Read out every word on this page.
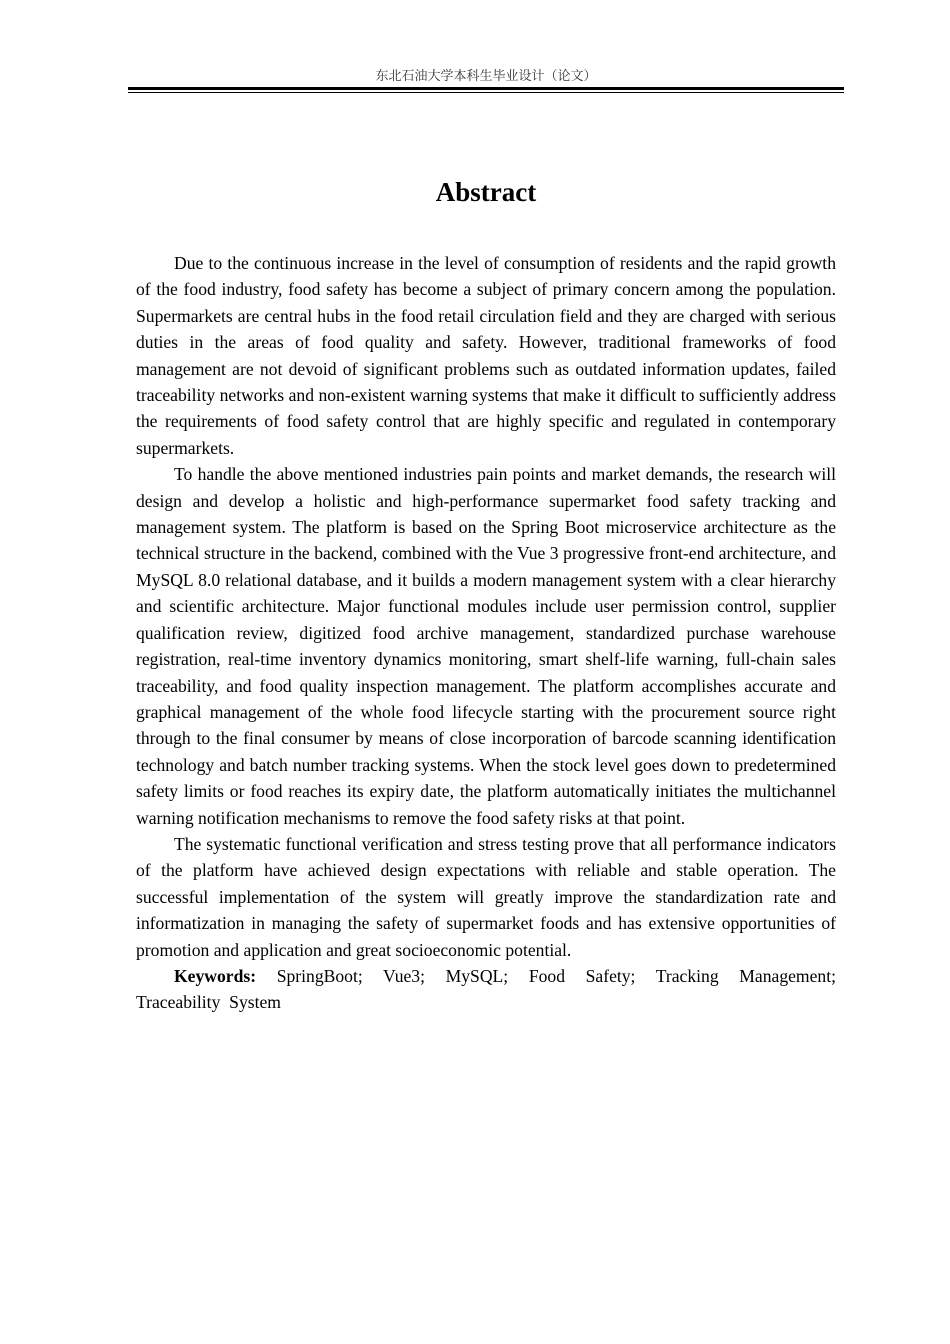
东北石油大学本科生毕业设计（论文）
Abstract

Due to the continuous increase in the level of consumption of residents and the rapid growth of the food industry, food safety has become a subject of primary concern among the population. Supermarkets are central hubs in the food retail circulation field and they are charged with serious duties in the areas of food quality and safety. However, traditional frameworks of food management are not devoid of significant problems such as outdated information updates, failed traceability networks and non-existent warning systems that make it difficult to sufficiently address the requirements of food safety control that are highly specific and regulated in contemporary supermarkets.

To handle the above mentioned industries pain points and market demands, the research will design and develop a holistic and high-performance supermarket food safety tracking and management system. The platform is based on the Spring Boot microservice architecture as the technical structure in the backend, combined with the Vue 3 progressive front-end architecture, and MySQL 8.0 relational database, and it builds a modern management system with a clear hierarchy and scientific architecture. Major functional modules include user permission control, supplier qualification review, digitized food archive management, standardized purchase warehouse registration, real-time inventory dynamics monitoring, smart shelf-life warning, full-chain sales traceability, and food quality inspection management. The platform accomplishes accurate and graphical management of the whole food lifecycle starting with the procurement source right through to the final consumer by means of close incorporation of barcode scanning identification technology and batch number tracking systems. When the stock level goes down to predetermined safety limits or food reaches its expiry date, the platform automatically initiates the multichannel warning notification mechanisms to remove the food safety risks at that point.

The systematic functional verification and stress testing prove that all performance indicators of the platform have achieved design expectations with reliable and stable operation. The successful implementation of the system will greatly improve the standardization rate and informatization in managing the safety of supermarket foods and has extensive opportunities of promotion and application and great socioeconomic potential.

Keywords: SpringBoot; Vue3; MySQL; Food Safety; Tracking Management; Traceability  System
